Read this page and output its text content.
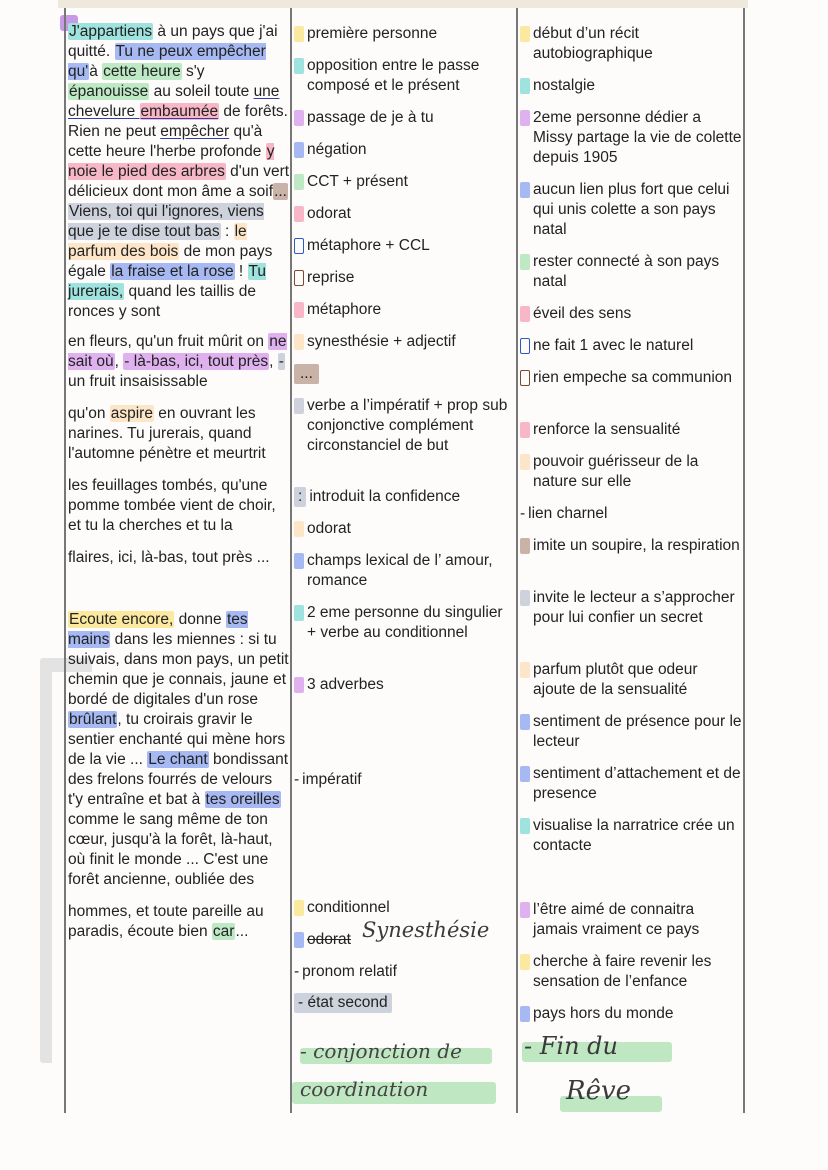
J'appartiens à un pays que j'ai quitté. Tu ne peux empêcher qu'à cette heure s'y épanouisse au soleil toute une chevelure embaumée de forêts. Rien ne peut empêcher qu'à cette heure l'herbe profonde y noie le pied des arbres d'un vert délicieux dont mon âme a soif... Viens, toi qui l'ignores, viens que je te dise tout bas : le parfum des bois de mon pays égale la fraise et la rose ! Tu jurerais, quand les taillis de ronces y sont

en fleurs, qu'un fruit mûrit on ne sait où, - là-bas, ici, tout près, - un fruit insaisissable

qu'on aspire en ouvrant les narines. Tu jurerais, quand l'automne pénètre et meurtrit

les feuillages tombés, qu'une pomme tombée vient de choir, et tu la cherches et tu la

flaires, ici, là-bas, tout près ...

Ecoute encore, donne tes mains dans les miennes : si tu suivais, dans mon pays, un petit chemin que je connais, jaune et bordé de digitales d'un rose brûlant, tu croirais gravir le sentier enchanté qui mène hors de la vie ... Le chant bondissant des frelons fourrés de velours t'y entraîne et bat à tes oreilles comme le sang même de ton cœur, jusqu'à la forêt, là-haut, où finit le monde ... C'est une forêt ancienne, oubliée des

hommes, et toute pareille au paradis, écoute bien car...

première personne
opposition entre le passe composé et le présent
passage de je à tu
négation
CCT + présent
odorat
métaphore + CCL
reprise
métaphore
synesthésie + adjectif
...
verbe a l’impératif + prop sub conjonctive complément circonstanciel de but
: introduit la confidence
odorat
champs lexical de l’ amour, romance
2 eme personne du singulier + verbe au conditionnel
3 adverbes
- impératif
conditionnel
odorat Synesthésie
- pronom relatif
- état second
- conjonction de coordination
début d’un récit autobiographique
nostalgie
2eme personne dédier a Missy partage la vie de colette depuis 1905
aucun lien plus fort que celui qui unis colette a son pays natal
rester connecté à son pays natal
éveil des sens
ne fait 1 avec le naturel
rien empeche sa communion
renforce la sensualité
pouvoir guérisseur de la nature sur elle
- lien charnel
imite un soupire, la respiration
invite le lecteur a s’approcher pour lui confier un secret
parfum plutôt que odeur ajoute de la sensualité
sentiment de présence pour le lecteur
sentiment d’attachement et de presence
visualise la narratrice crée un contacte
l’être aimé de connaitra jamais vraiment ce pays
cherche à faire revenir les sensation de l’enfance
pays hors du monde
- Fin du
Rêve
